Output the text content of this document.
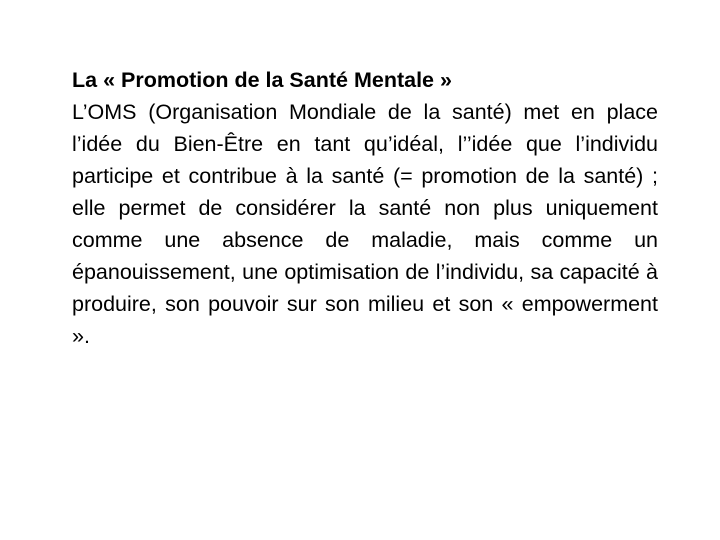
La « Promotion de la Santé Mentale »

L’OMS (Organisation Mondiale de la santé) met en place l’idée du Bien-Être en tant qu’idéal, l’’idée que l’individu participe et contribue à la santé (= promotion de la santé) ; elle permet de considérer la santé non plus uniquement comme une absence de maladie, mais comme un épanouissement, une optimisation de l’individu, sa capacité à produire, son pouvoir sur son milieu et son « empowerment ».
